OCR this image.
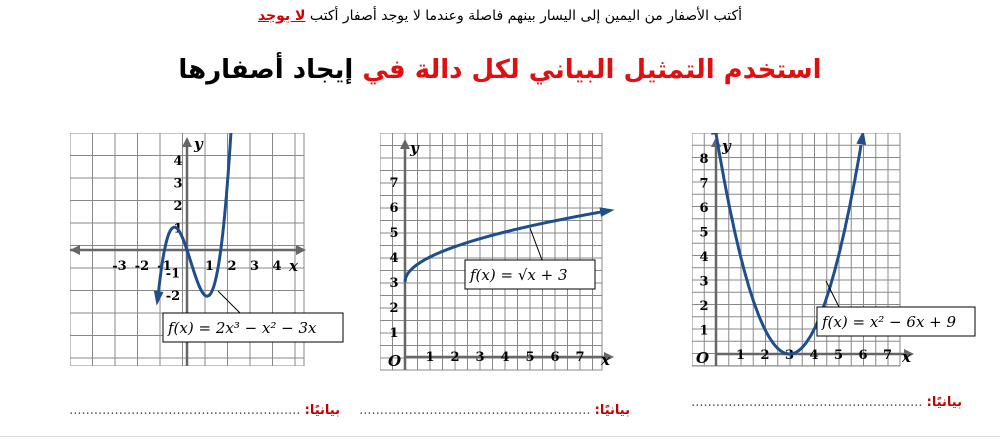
أكتب الأصفار من اليمين إلى اليسار بينهم فاصلة وعندما لا يوجد أصفار أكتب لا يوجد
استخدم التمثيل البياني لكل دالة في إيجاد أصفارها
-3 -2 -1	1 2 3 4
4
3
2
1
-1
-2
y
x
f(x) = 2x³ − x² − 3x
1 2 3 4 5 6 7
7
6
5
4
3
2
1
O
y
x
f(x) = √x + 3
1 2 3 4 5 6 7
8
7
6
5
4
3
2
1
O
y
x
f(x) = x² − 6x + 9
بيانيًا: ........................................................	بيانيًا: ........................................................
بيانيًا: ........................................................
